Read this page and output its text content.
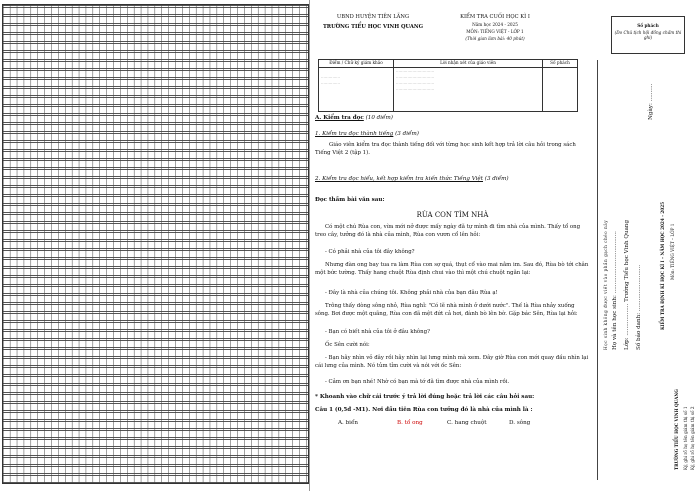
UBND HUYỆN TIÊN LÃNG
TRƯỜNG TIỂU HỌC VINH QUANG
KIỂM TRA CUỐI HỌC KÌ I
Năm học 2024 - 2025
MÔN: TIẾNG VIỆT - LỚP 1
(Thời gian làm bài: 40 phút)
Điểm / Chữ ký giám khảo	Lời nhận xét của giáo viên	Số phách

...............
...............	..............................
..............................
..............................
..............................	
A. Kiểm tra đọc (10 điểm)
1. Kiểm tra đọc thành tiếng (3 điểm)
Giáo viên kiểm tra đọc thành tiếng đối với từng học sinh kết hợp trả lời câu hỏi trong sách Tiếng Việt 2 (tập 1).
2. Kiểm tra đọc hiểu, kết hợp kiểm tra kiến thức Tiếng Việt (3 điểm)
Đọc thầm bài văn sau:
RÙA CON TÌM NHÀ
Có một chú Rùa con, vừa mới nở được mấy ngày đã tự mình đi tìm nhà của mình. Thấy tổ ong treo cây, tưởng đó là nhà của mình, Rùa con vươn cổ lên hỏi:
- Có phải nhà của tôi đây không?
Nhưng đàn ong bay tua ra làm Rùa con sợ quá, thụt cổ vào mai nằm im. Sau đó, Rùa bò tới chân một bức tường. Thấy hang chuột Rùa định chui vào thì một chú chuột ngăn lại:
- Đây là nhà của chúng tôi. Không phải nhà của bạn đâu Rùa ạ!
Trông thấy dòng sông nhỏ, Rùa nghĩ: "Có lẽ nhà mình ở dưới nước". Thế là Rùa nhảy xuống sông. Bơi được một quãng, Rùa con đã mệt đứt cả hơi, đành bò lên bờ. Gặp bác Sên, Rùa lại hỏi:
- Bạn có biết nhà của tôi ở đâu không?
Ốc Sên cười nói:
- Bạn hãy nhìn vỏ đây rồi hãy nhìn lại lưng mình mà xem. Đây giờ Rùa con mới quay đầu nhìn lại cái lưng của mình. Nó tủm tỉm cười và nói với ốc Sên:
- Cảm ơn bạn nhé! Nhờ có bạn mà tớ đã tìm được nhà của mình rồi.
* Khoanh vào chữ cái trước ý trả lời đúng hoặc trả lời các câu hỏi sau:
Câu 1 (0,5đ -M1). Nơi đầu tiên Rùa con tưởng đó là nhà của mình là :
A. biển	B. tổ ong	C. hang chuột	D. sông
Số phách
(Do Chủ tịch hội đồng chấm thi ghi)
Họ và tên học sinh: ................................... Lớp: .................. Trường Tiểu học Vinh Quang Số báo danh: ..........................
Ngày: ..........
KIỂM TRA ĐỊNH KÌ HỌC KÌ I – NĂM HỌC 2024 - 2025 Môn: TIẾNG VIỆT – LỚP 1
Học sinh không được viết vào phần gạch chéo này
TRƯỜNG TIỂU HỌC VINH QUANG Ký, ghi rõ họ tên giám thị số 1 Ký, ghi rõ họ tên giám thị số 2
